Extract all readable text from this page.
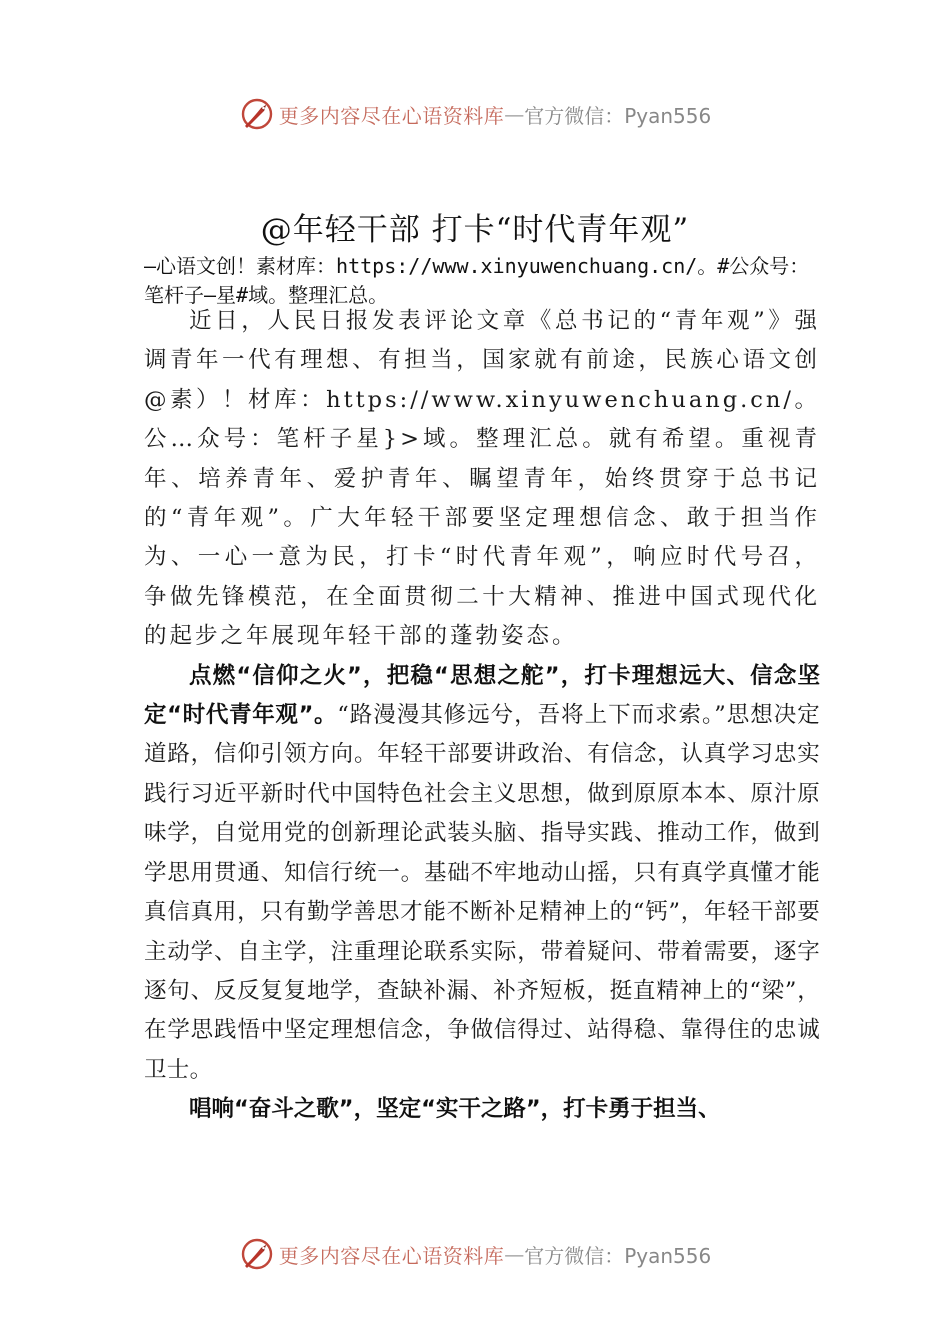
更多内容尽在心语资料库 — 官方微信：Pyan556
@年轻干部 打卡“时代青年观”
—心语文创！素材库：https://www.xinyuwenchuang.cn/。#公众号：笔杆子—星#域。整理汇总。

近日，人民日报发表评论文章《总书记的“青年观”》强调青年一代有理想、有担当，国家就有前途，民族心语文创@素）！材库：https://www.xinyuwenchuang.cn/。公…众号：笔杆子星}>域。整理汇总。就有希望。重视青年、培养青年、爱护青年、瞩望青年，始终贯穿于总书记的“青年观”。广大年轻干部要坚定理想信念、敢于担当作为、一心一意为民，打卡“时代青年观”，响应时代号召， 争做先锋模范，在全面贯彻二十大精神、推进中国式现代化的起步之年展现年轻干部的蓬勃姿态。

点燃“信仰之火”，把稳“思想之舵”，打卡理想远大、信念坚定“时代青年观”。“路漫漫其修远兮，吾将上下而求索。”思想决定道路，信仰引领方向。年轻干部要讲政治、有信念，认真学习忠实践行习近平新时代中国特色社会主义思想，做到原原本本、原汁原味学，自觉用党的创新理论武装头脑、指导实践、推动工作，做到学思用贯通、知信行统一。基础不牢地动山摇，只有真学真懂才能真信真用，只有勤学善思才能不断补足精神上的“钙”，年轻干部要主动学、自主学，注重理论联系实际，带着疑问、带着需要，逐字逐句、反反复复地学，查缺补漏、补齐短板，挺直精神上的“梁”，在学思践悟中坚定理想信念，争做信得过、站得稳、靠得住的忠诚卫士。

唱响“奋斗之歌”，坚定“实干之路”，打卡勇于担当、

更多内容尽在心语资料库 — 官方微信：Pyan556
